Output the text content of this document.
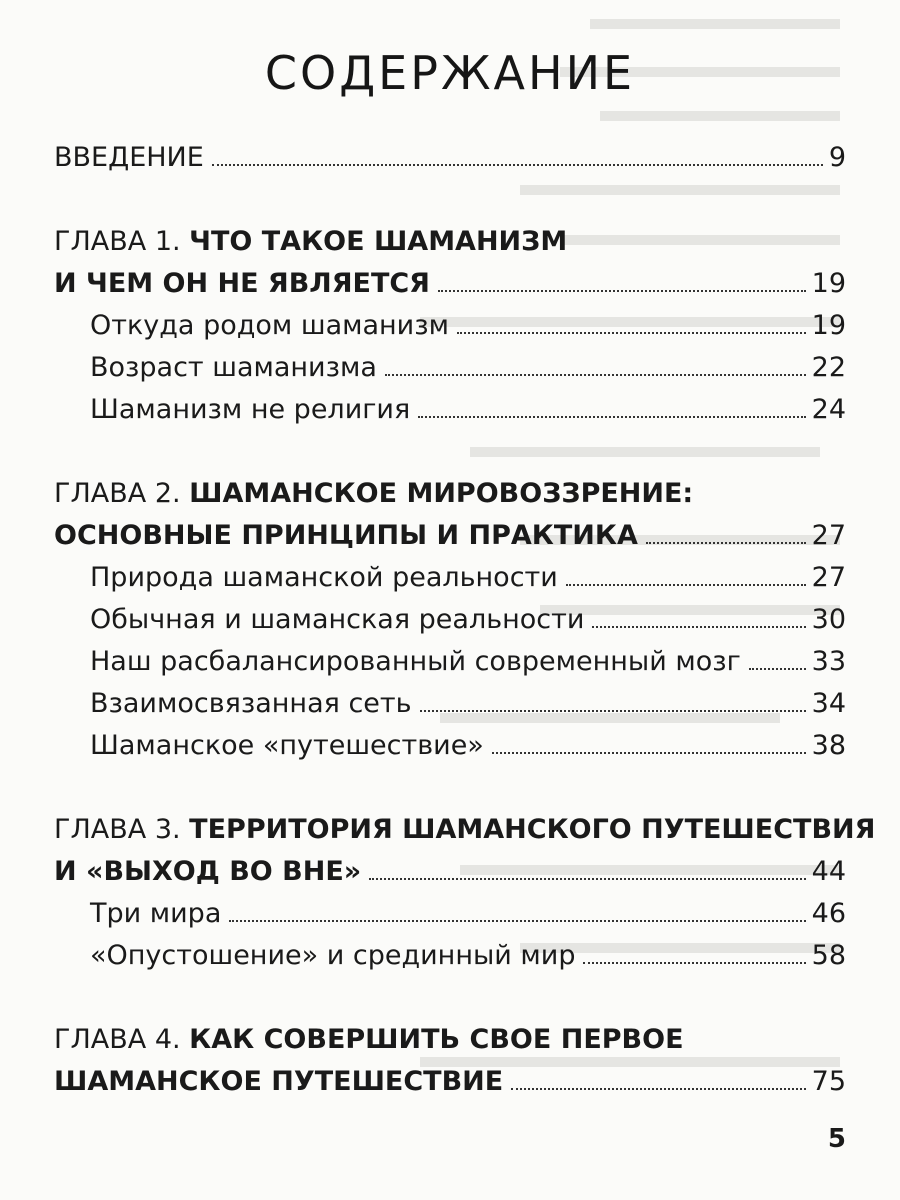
СОДЕРЖАНИЕ
ВВЕДЕНИЕ	9
ГЛАВА 1. ЧТО ТАКОЕ ШАМАНИЗМ
И ЧЕМ ОН НЕ ЯВЛЯЕТСЯ	19
Откуда родом шаманизм	19
Возраст шаманизма	22
Шаманизм не религия	24
ГЛАВА 2. ШАМАНСКОЕ МИРОВОЗЗРЕНИЕ:
ОСНОВНЫЕ ПРИНЦИПЫ И ПРАКТИКА	27
Природа шаманской реальности	27
Обычная и шаманская реальности	30
Наш расбалансированный современный мозг	33
Взаимосвязанная сеть	34
Шаманское «путешествие»	38
ГЛАВА 3. ТЕРРИТОРИЯ ШАМАНСКОГО ПУТЕШЕСТВИЯ
И «ВЫХОД ВО ВНЕ»	44
Три мира	46
«Опустошение» и срединный мир	58
ГЛАВА 4. КАК СОВЕРШИТЬ СВОЕ ПЕРВОЕ
ШАМАНСКОЕ ПУТЕШЕСТВИЕ	75
5
